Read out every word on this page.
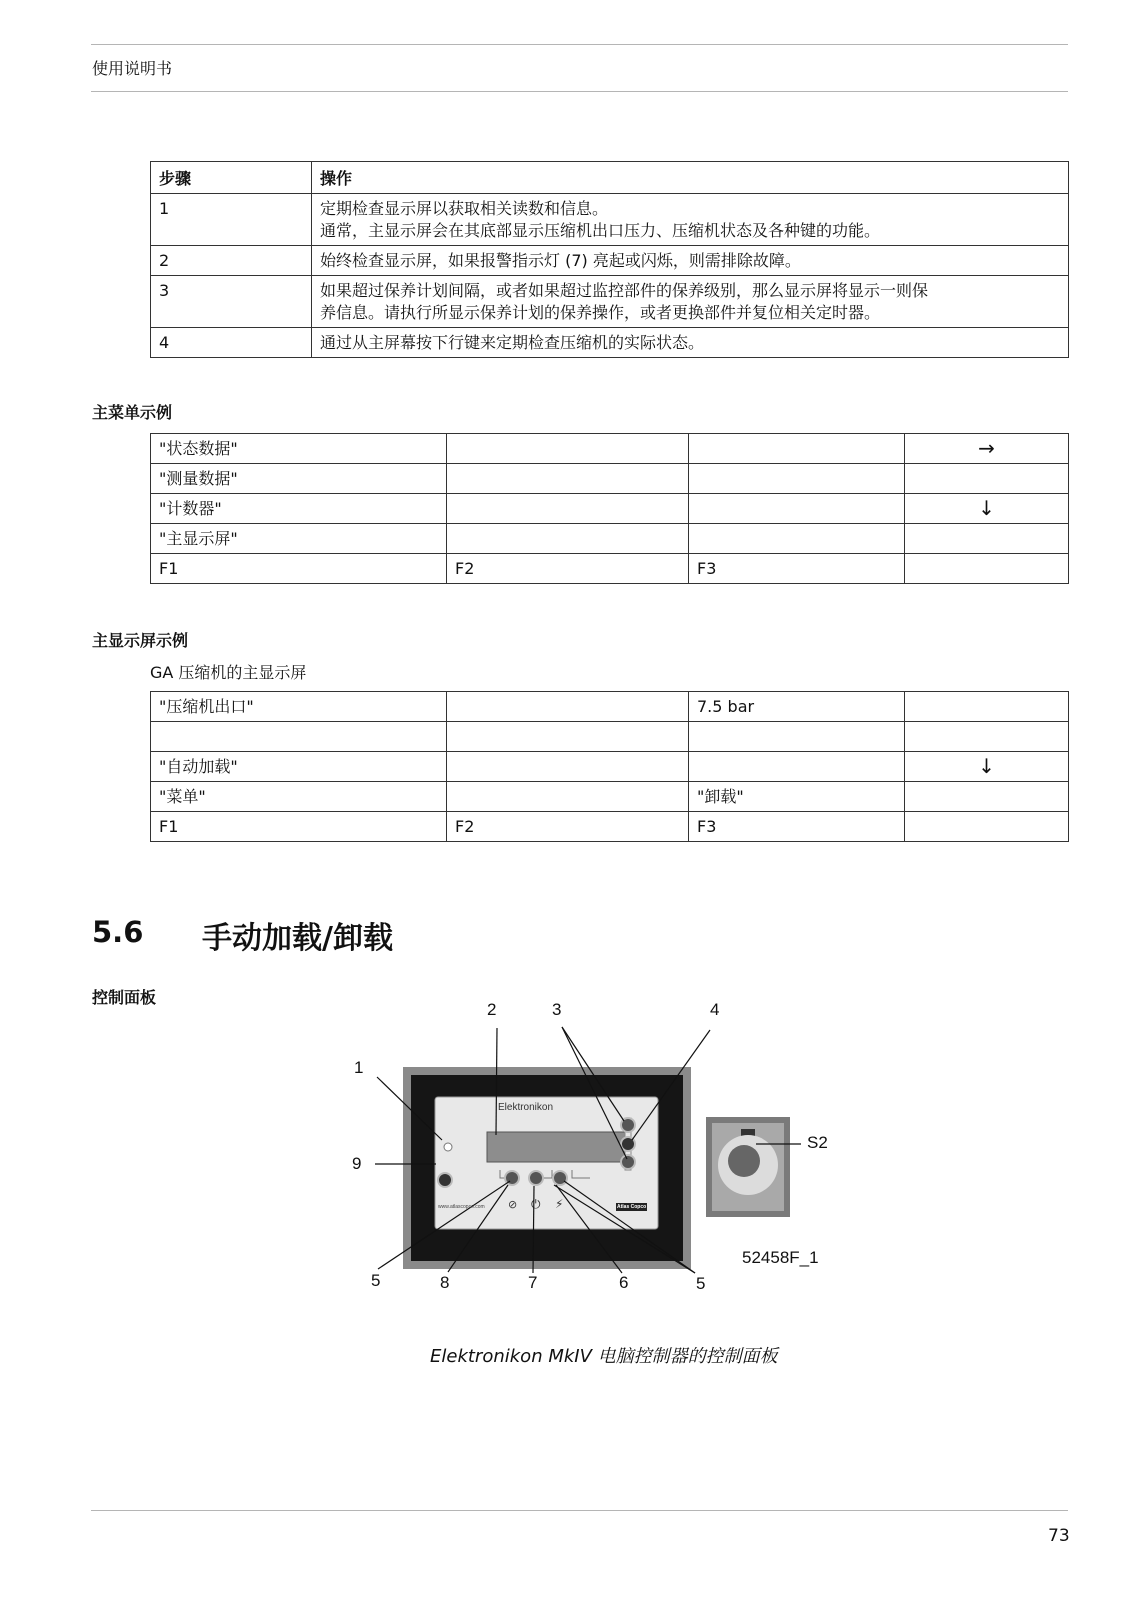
使用说明书
步骤	操作
1	定期检查显示屏以获取相关读数和信息。
通常，主显示屏会在其底部显示压缩机出口压力、压缩机状态及各种键的功能。

2	始终检查显示屏，如果报警指示灯 (7) 亮起或闪烁，则需排除故障。

3	如果超过保养计划间隔，或者如果超过监控部件的保养级别，那么显示屏将显示一则保
养信息。请执行所显示保养计划的保养操作，或者更换部件并复位相关定时器。

4	通过从主屏幕按下行键来定期检查压缩机的实际状态。
主菜单示例
"状态数据"			→
"测量数据"			
"计数器"			↓
"主显示屏"			
F1	F2	F3	
主显示屏示例
GA 压缩机的主显示屏
"压缩机出口"		7.5 bar	

"自动加载"			↓
"菜单"		"卸载"	
F1	F2	F3	
5.6 手动加载/卸载
控制面板
⊘ ⏻ ⚡
1
2	3	4
5	5
6
7
8
9
S2
52458F_1
Elektronikon
www.atlascopco.com	Atlas Copco
Elektronikon MkIV 电脑控制器的控制面板
73
